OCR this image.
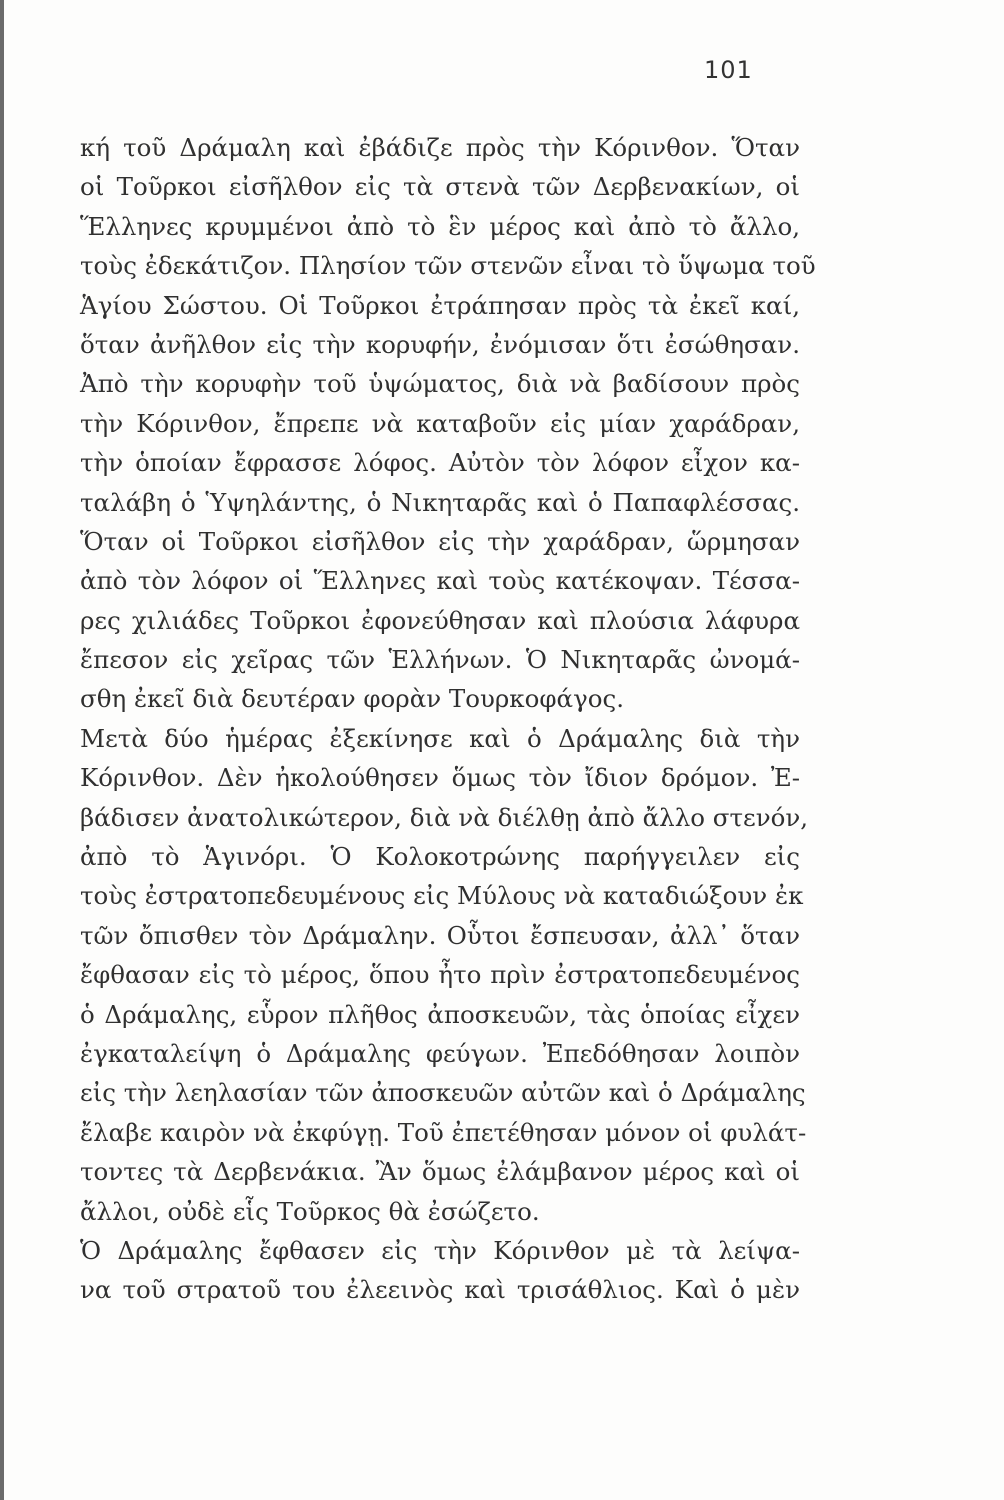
101
κή τοῦ Δράμαλη καὶ ἐβάδιζε πρὸς τὴν Κόρινθον. Ὅταν
οἱ Τοῦρκοι εἰσῆλθον εἰς τὰ στενὰ τῶν Δερβενακίων, οἱ
Ἕλληνες κρυμμένοι ἀπὸ τὸ ἓν μέρος καὶ ἀπὸ τὸ ἄλλο,
τοὺς ἐδεκάτιζον. Πλησίον τῶν στενῶν εἶναι τὸ ὕψωμα τοῦ
Ἁγίου Σώστου. Οἱ Τοῦρκοι ἐτράπησαν πρὸς τὰ ἐκεῖ καί,
ὅταν ἀνῆλθον εἰς τὴν κορυφήν, ἐνόμισαν ὅτι ἐσώθησαν.
Ἀπὸ τὴν κορυφὴν τοῦ ὑψώματος, διὰ νὰ βαδίσουν πρὸς
τὴν Κόρινθον, ἔπρεπε νὰ καταβοῦν εἰς μίαν χαράδραν,
τὴν ὁποίαν ἔφρασσε λόφος. Αὐτὸν τὸν λόφον εἶχον κα-
ταλάβη ὁ Ὑψηλάντης, ὁ Νικηταρᾶς καὶ ὁ Παπαφλέσσας.
Ὅταν οἱ Τοῦρκοι εἰσῆλθον εἰς τὴν χαράδραν, ὥρμησαν
ἀπὸ τὸν λόφον οἱ Ἕλληνες καὶ τοὺς κατέκοψαν. Τέσσα-
ρες χιλιάδες Τοῦρκοι ἐφονεύθησαν καὶ πλούσια λάφυρα
ἔπεσον εἰς χεῖρας τῶν Ἑλλήνων. Ὁ Νικηταρᾶς ὠνομά-
σθη ἐκεῖ διὰ δευτέραν φορὰν Τουρκοφάγος.
Μετὰ δύο ἡμέρας ἐξεκίνησε καὶ ὁ Δράμαλης διὰ τὴν
Κόρινθον. Δὲν ἠκολούθησεν ὅμως τὸν ἴδιον δρόμον. Ἐ-
βάδισεν ἀνατολικώτερον, διὰ νὰ διέλθῃ ἀπὸ ἄλλο στενόν,
ἀπὸ τὸ Ἁγινόρι. Ὁ Κολοκοτρώνης παρήγγειλεν εἰς
τοὺς ἐστρατοπεδευμένους εἰς Μύλους νὰ καταδιώξουν ἐκ
τῶν ὄπισθεν τὸν Δράμαλην. Οὗτοι ἔσπευσαν, ἀλλ᾽ ὅταν
ἔφθασαν εἰς τὸ μέρος, ὅπου ἦτο πρὶν ἐστρατοπεδευμένος
ὁ Δράμαλης, εὗρον πλῆθος ἀποσκευῶν, τὰς ὁποίας εἶχεν
ἐγκαταλείψη ὁ Δράμαλης φεύγων. Ἐπεδόθησαν λοιπὸν
εἰς τὴν λεηλασίαν τῶν ἀποσκευῶν αὐτῶν καὶ ὁ Δράμαλης
ἔλαβε καιρὸν νὰ ἐκφύγῃ. Τοῦ ἐπετέθησαν μόνον οἱ φυλάτ-
τοντες τὰ Δερβενάκια. Ἂν ὅμως ἐλάμβανον μέρος καὶ οἱ
ἄλλοι, οὐδὲ εἷς Τοῦρκος θὰ ἐσώζετο.
Ὁ Δράμαλης ἔφθασεν εἰς τὴν Κόρινθον μὲ τὰ λείψα-
να τοῦ στρατοῦ του ἐλεεινὸς καὶ τρισάθλιος. Καὶ ὁ μὲν
